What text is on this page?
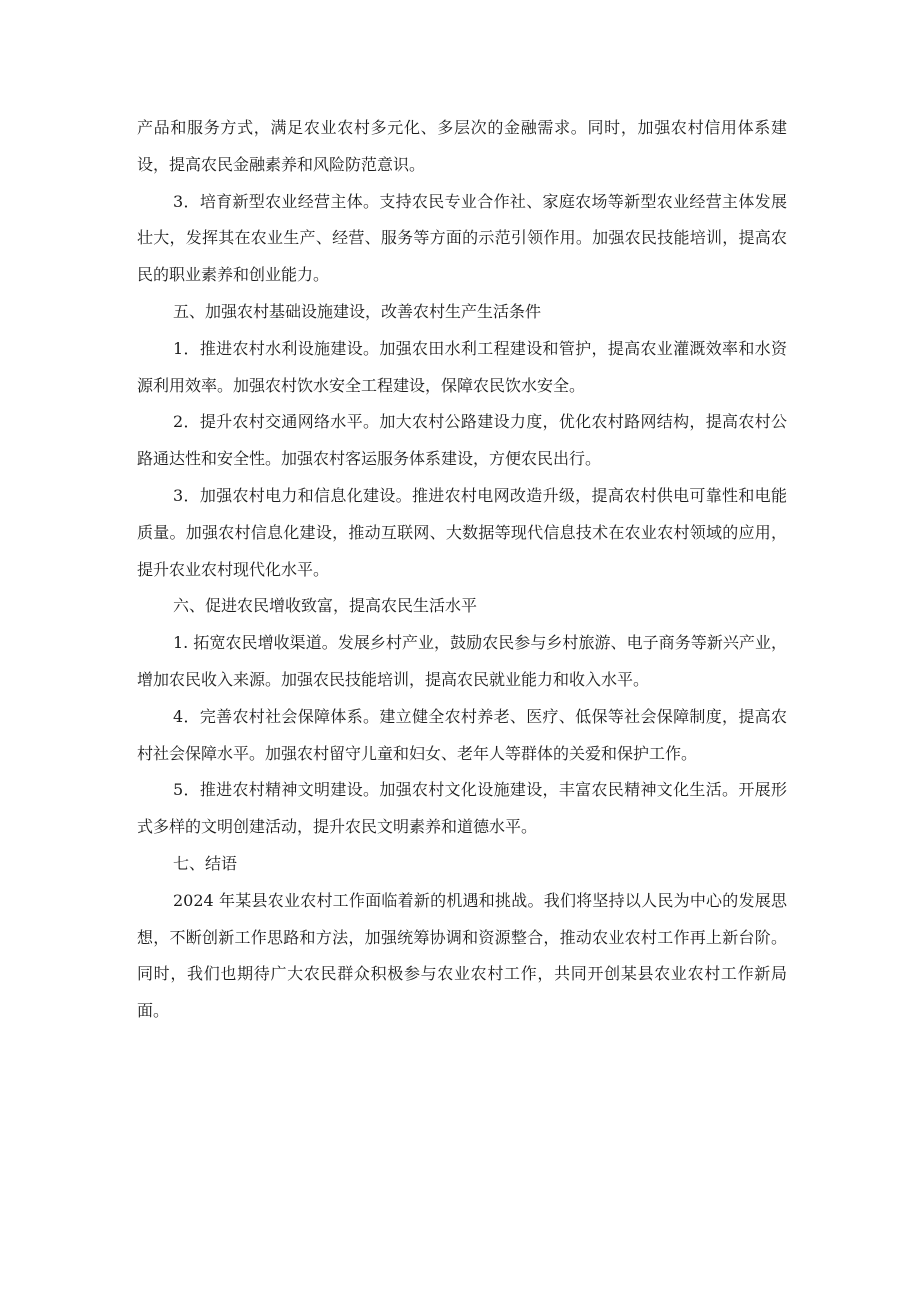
产品和服务方式，满足农业农村多元化、多层次的金融需求。同时，加强农村信用体系建设，提高农民金融素养和风险防范意识。

3．培育新型农业经营主体。支持农民专业合作社、家庭农场等新型农业经营主体发展壮大，发挥其在农业生产、经营、服务等方面的示范引领作用。加强农民技能培训，提高农民的职业素养和创业能力。

五、加强农村基础设施建设，改善农村生产生活条件

1．推进农村水利设施建设。加强农田水利工程建设和管护，提高农业灌溉效率和水资源利用效率。加强农村饮水安全工程建设，保障农民饮水安全。

2．提升农村交通网络水平。加大农村公路建设力度，优化农村路网结构，提高农村公路通达性和安全性。加强农村客运服务体系建设，方便农民出行。

3．加强农村电力和信息化建设。推进农村电网改造升级，提高农村供电可靠性和电能质量。加强农村信息化建设，推动互联网、大数据等现代信息技术在农业农村领域的应用，提升农业农村现代化水平。

六、促进农民增收致富，提高农民生活水平

1. 拓宽农民增收渠道。发展乡村产业，鼓励农民参与乡村旅游、电子商务等新兴产业，增加农民收入来源。加强农民技能培训，提高农民就业能力和收入水平。

4．完善农村社会保障体系。建立健全农村养老、医疗、低保等社会保障制度，提高农村社会保障水平。加强农村留守儿童和妇女、老年人等群体的关爱和保护工作。

5．推进农村精神文明建设。加强农村文化设施建设，丰富农民精神文化生活。开展形式多样的文明创建活动，提升农民文明素养和道德水平。

七、结语

2024 年某县农业农村工作面临着新的机遇和挑战。我们将坚持以人民为中心的发展思想，不断创新工作思路和方法，加强统筹协调和资源整合，推动农业农村工作再上新台阶。同时，我们也期待广大农民群众积极参与农业农村工作，共同开创某县农业农村工作新局面。
